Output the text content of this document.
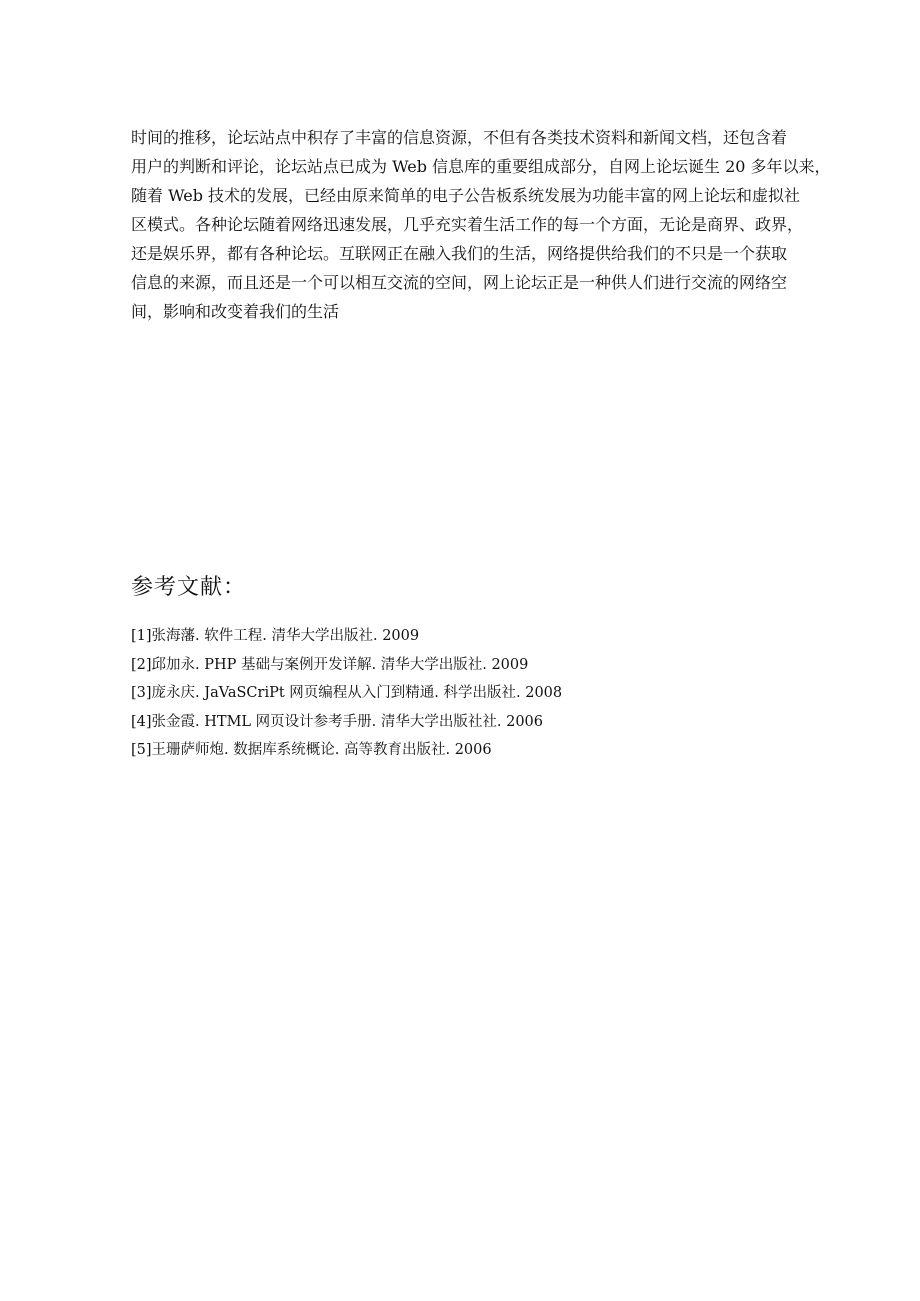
时间的推移，论坛站点中积存了丰富的信息资源，不但有各类技术资料和新闻文档，还包含着
用户的判断和评论，论坛站点已成为 Web 信息库的重要组成部分，自网上论坛诞生 20 多年以来，
随着 Web 技术的发展，已经由原来简单的电子公告板系统发展为功能丰富的网上论坛和虚拟社
区模式。各种论坛随着网络迅速发展，几乎充实着生活工作的每一个方面，无论是商界、政界，
还是娱乐界，都有各种论坛。互联网正在融入我们的生活，网络提供给我们的不只是一个获取
信息的来源，而且还是一个可以相互交流的空间，网上论坛正是一种供人们进行交流的网络空
间，影响和改变着我们的生活
参考文献：
[1]张海藩. 软件工程. 清华大学出版社. 2009
[2]邱加永. PHP 基础与案例开发详解. 清华大学出版社. 2009
[3]庞永庆. JaVaSCriPt 网页编程从入门到精通. 科学出版社. 2008
[4]张金霞. HTML 网页设计参考手册. 清华大学出版社社. 2006
[5]王珊萨师炮. 数据库系统概论. 高等教育出版社. 2006
